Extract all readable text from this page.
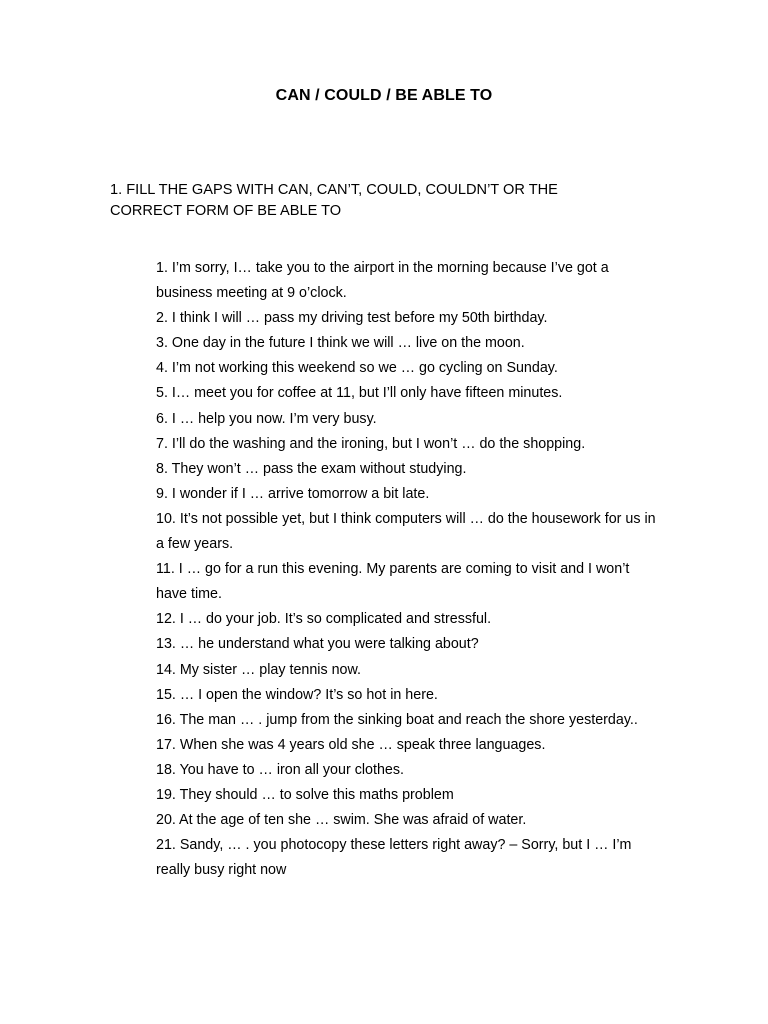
CAN / COULD / BE ABLE TO
1. FILL THE GAPS WITH CAN, CAN’T, COULD, COULDN’T OR THE CORRECT FORM OF BE ABLE TO
1. I’m sorry, I… take you to the airport in the morning because I’ve got a business meeting at 9 o’clock.
2. I think I will … pass my driving test before my 50th birthday.
3. One day in the future I think we will … live on the moon.
4. I’m not working this weekend so we … go cycling on Sunday.
5. I… meet you for coffee at 11, but I’ll only have fifteen minutes.
6. I … help you now. I’m very busy.
7. I’ll do the washing and the ironing, but I won’t … do the shopping.
8. They won’t … pass the exam without studying.
9. I wonder if I … arrive tomorrow a bit late.
10. It’s not possible yet, but I think computers will … do the housework for us in a few years.
11. I … go for a run this evening. My parents are coming to visit and I won’t have time.
12. I … do your job. It’s so complicated and stressful.
13. … he understand what you were talking about?
14. My sister … play tennis now.
15. … I open the window? It’s so hot in here.
16. The man … . jump from the sinking boat and reach the shore yesterday..
17. When she was 4 years old she … speak three languages.
18. You have to … iron all your clothes.
19. They should … to solve this maths problem
20. At the age of ten she … swim. She was afraid of water.
21. Sandy, … . you photocopy these letters right away? – Sorry, but I … I’m really busy right now
